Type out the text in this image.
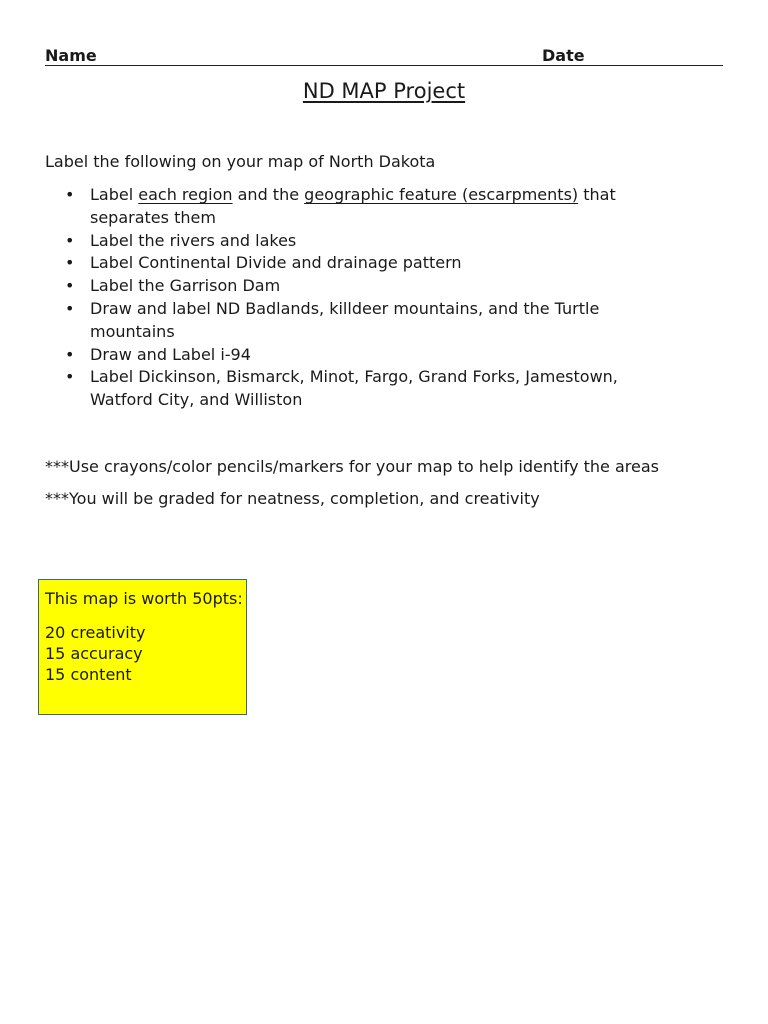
Name	Date
ND MAP Project
Label the following on your map of North Dakota
• Label each region and the geographic feature (escarpments) that separates them
• Label the rivers and lakes
• Label Continental Divide and drainage pattern
• Label the Garrison Dam
• Draw and label ND Badlands, killdeer mountains, and the Turtle mountains
• Draw and Label i-94
• Label Dickinson, Bismarck, Minot, Fargo, Grand Forks, Jamestown, Watford City, and Williston
***Use crayons/color pencils/markers for your map to help identify the areas
***You will be graded for neatness, completion, and creativity
This map is worth 50pts:
20 creativity
15 accuracy
15 content
